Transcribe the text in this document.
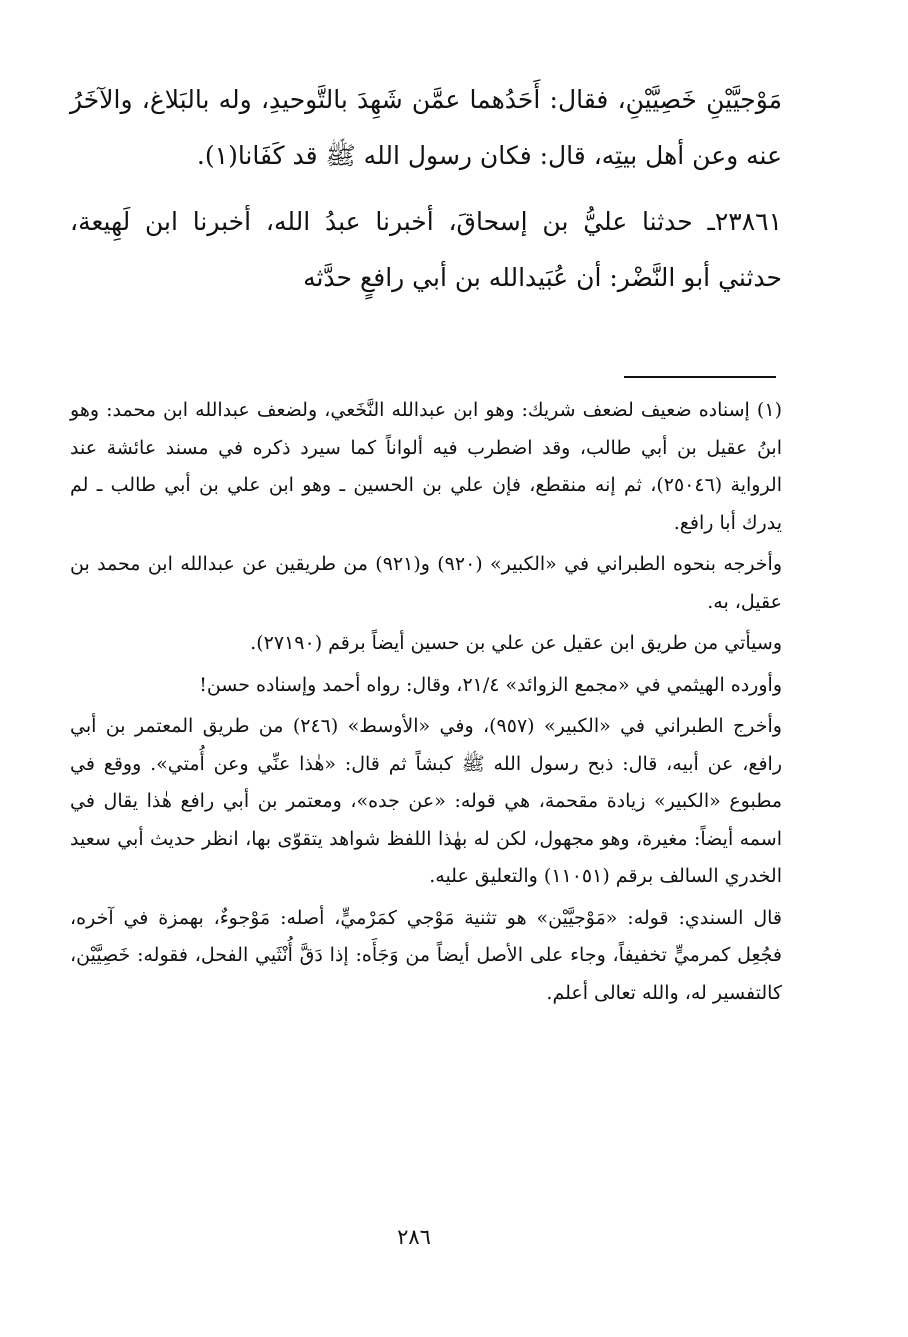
مَوْجيَّيْنِ خَصِيَّيْنِ، فقال: أَحَدُهما عمَّن شَهِدَ بالتَّوحيدِ، وله بالبَلاغ، والآخَرُ عنه وعن أهل بيتِه، قال: فكان رسول الله ﷺ قد كَفَانا(١).

٢٣٨٦١ـ حدثنا عليُّ بن إسحاقَ، أخبرنا عبدُ الله، أخبرنا ابن لَهِيعة، حدثني أبو النَّضْر: أن عُبَيدالله بن أبي رافعٍ حدَّثه

(١) إسناده ضعيف لضعف شريك: وهو ابن عبدالله النَّخَعي، ولضعف عبدالله ابن محمد: وهو ابنُ عقيل بن أبي طالب، وقد اضطرب فيه ألواناً كما سيرد ذكره في مسند عائشة عند الرواية (٢٥٠٤٦)، ثم إنه منقطع، فإن علي بن الحسين ـ وهو ابن علي بن أبي طالب ـ لم يدرك أبا رافع.

وأخرجه بنحوه الطبراني في «الكبير» (٩٢٠) و(٩٢١) من طريقين عن عبدالله ابن محمد بن عقيل، به.

وسيأتي من طريق ابن عقيل عن علي بن حسين أيضاً برقم (٢٧١٩٠).

وأورده الهيثمي في «مجمع الزوائد» ٢١/٤، وقال: رواه أحمد وإسناده حسن!

وأخرج الطبراني في «الكبير» (٩٥٧)، وفي «الأوسط» (٢٤٦) من طريق المعتمر بن أبي رافع، عن أبيه، قال: ذبح رسول الله ﷺ كبشاً ثم قال: «هٰذا عنِّي وعن أُمتي». ووقع في مطبوع «الكبير» زيادة مقحمة، هي قوله: «عن جده»، ومعتمر بن أبي رافع هٰذا يقال في اسمه أيضاً: مغيرة، وهو مجهول، لكن له بهٰذا اللفظ شواهد يتقوّى بها، انظر حديث أبي سعيد الخدري السالف برقم (١١٠٥١) والتعليق عليه.

قال السندي: قوله: «مَوْجيَّيْن» هو تثنية مَوْجي كمَرْميٍّ، أصله: مَوْجوءٌ، بهمزة في آخره، فجُعِل كمرميٍّ تخفيفاً، وجاء على الأصل أيضاً من وَجَأَه: إذا دَقَّ أُنْثَيي الفحل، فقوله: خَصِيَّيْن، كالتفسير له، والله تعالى أعلم.

٢٨٦
